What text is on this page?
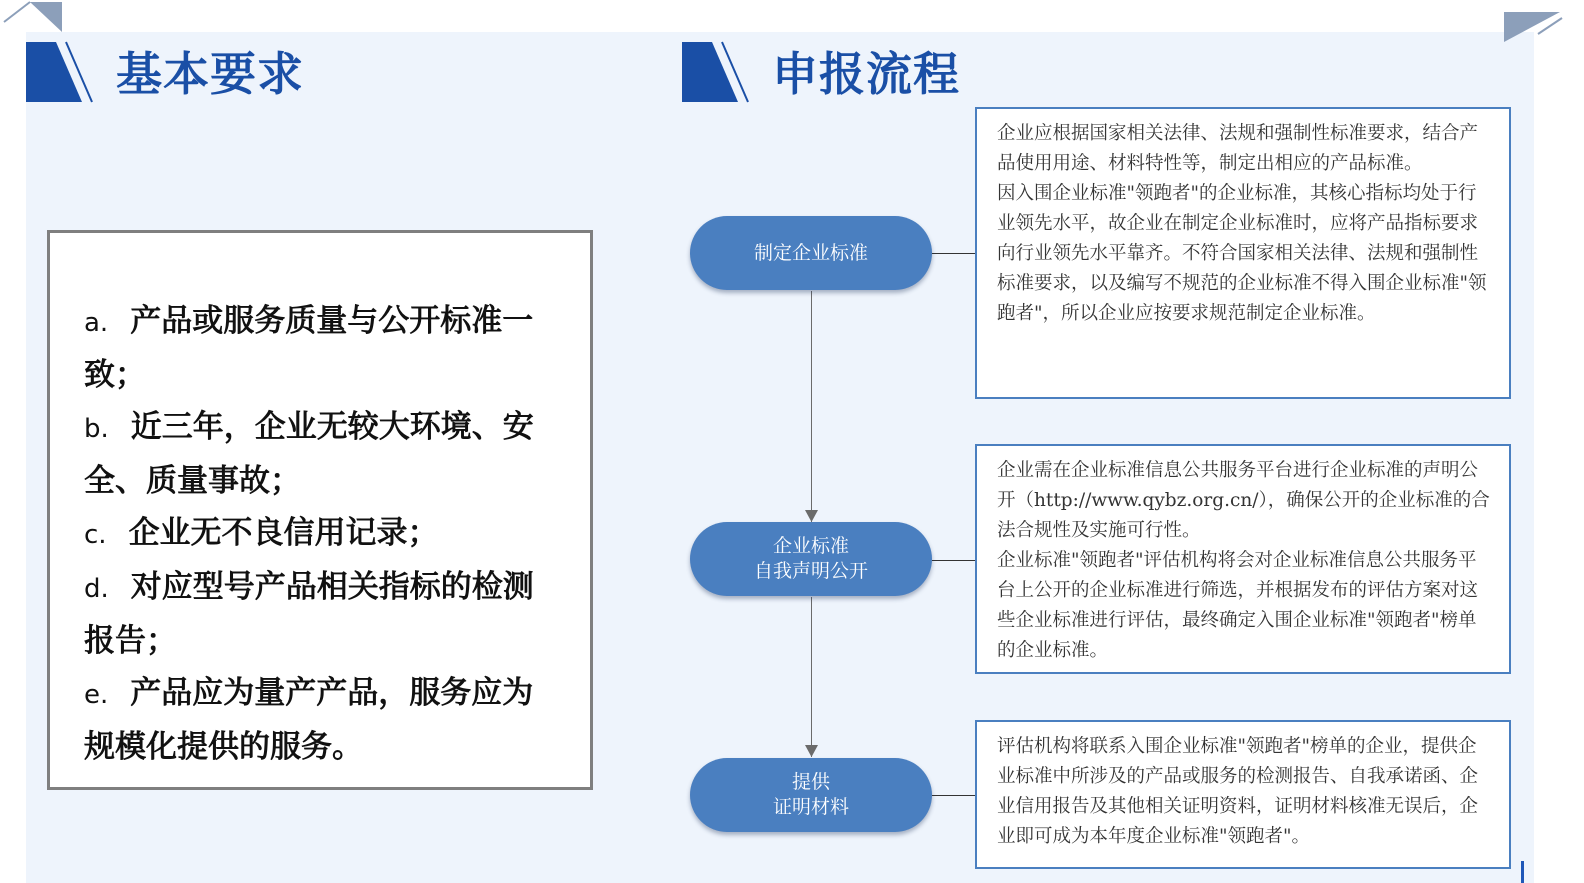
基本要求	申报流程
a. 产品或服务质量与公开标准一致；
b. 近三年，企业无较大环境、安全、质量事故；
c. 企业无不良信用记录；
d. 对应型号产品相关指标的检测报告；
e. 产品应为量产产品，服务应为规模化提供的服务。
制定企业标准
企业标准
自我声明公开
提供
证明材料

企业应根据国家相关法律、法规和强制性标准要求，结合产品使用用途、材料特性等，制定出相应的产品标准。

因入围企业标准"领跑者"的企业标准，其核心指标均处于行业领先水平，故企业在制定企业标准时，应将产品指标要求向行业领先水平靠齐。不符合国家相关法律、法规和强制性标准要求，以及编写不规范的企业标准不得入围企业标准"领跑者"，所以企业应按要求规范制定企业标准。

企业需在企业标准信息公共服务平台进行企业标准的声明公开（http://www.qybz.org.cn/），确保公开的企业标准的合法合规性及实施可行性。

企业标准"领跑者"评估机构将会对企业标准信息公共服务平台上公开的企业标准进行筛选，并根据发布的评估方案对这些企业标准进行评估，最终确定入围企业标准"领跑者"榜单的企业标准。

评估机构将联系入围企业标准"领跑者"榜单的企业，提供企业标准中所涉及的产品或服务的检测报告、自我承诺函、企业信用报告及其他相关证明资料，证明材料核准无误后，企业即可成为本年度企业标准"领跑者"。
